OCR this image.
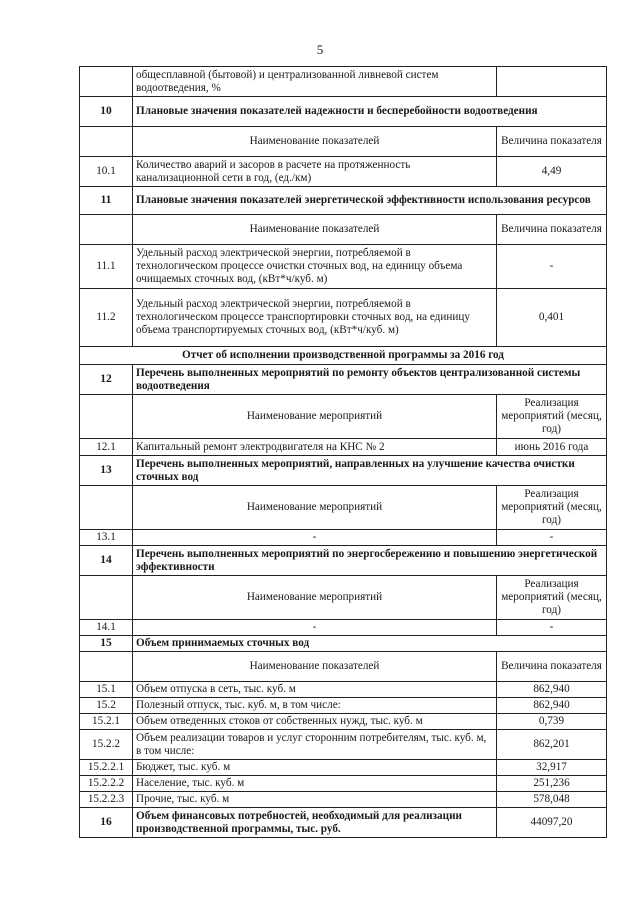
5
	общесплавной (бытовой) и централизованной ливневой систем водоотведения, %	
10	Плановые значения показателей надежности и бесперебойности водоотведения	
	Наименование показателей	Величина показателя
10.1	Количество аварий и засоров в расчете на протяженность канализационной сети в год, (ед./км)	4,49
11	Плановые значения показателей энергетической эффективности использования ресурсов	
	Наименование показателей	Величина показателя
11.1	Удельный расход электрической энергии, потребляемой в технологическом процессе очистки сточных вод, на единицу объема очищаемых сточных вод, (кВт*ч/куб. м)	-
11.2	Удельный расход электрической энергии, потребляемой в технологическом процессе транспортировки сточных вод, на единицу объема транспортируемых сточных вод, (кВт*ч/куб. м)	0,401
Отчет об исполнении производственной программы за 2016 год		
12	Перечень выполненных мероприятий по ремонту объектов централизованной системы водоотведения	
	Наименование мероприятий	Реализация мероприятий (месяц, год)
12.1	Капитальный ремонт электродвигателя на КНС № 2	июнь 2016 года
13	Перечень выполненных мероприятий, направленных на улучшение качества очистки сточных вод	
	Наименование мероприятий	Реализация мероприятий (месяц, год)
13.1	-	-
14	Перечень выполненных мероприятий по энергосбережению и повышению энергетической эффективности	
	Наименование мероприятий	Реализация мероприятий (месяц, год)
14.1	-	-
15	Объем принимаемых сточных вод	
	Наименование показателей	Величина показателя
15.1	Объем отпуска в сеть, тыс. куб. м	862,940
15.2	Полезный отпуск, тыс. куб. м, в том числе:	862,940
15.2.1	Объем отведенных стоков от собственных нужд, тыс. куб. м	0,739
15.2.2	Объем реализации товаров и услуг сторонним потребителям, тыс. куб. м, в том числе:	862,201
15.2.2.1	Бюджет, тыс. куб. м	32,917
15.2.2.2	Население, тыс. куб. м	251,236
15.2.2.3	Прочие, тыс. куб. м	578,048
16	Объем финансовых потребностей, необходимый для реализации производственной программы, тыс. руб.	44097,20
